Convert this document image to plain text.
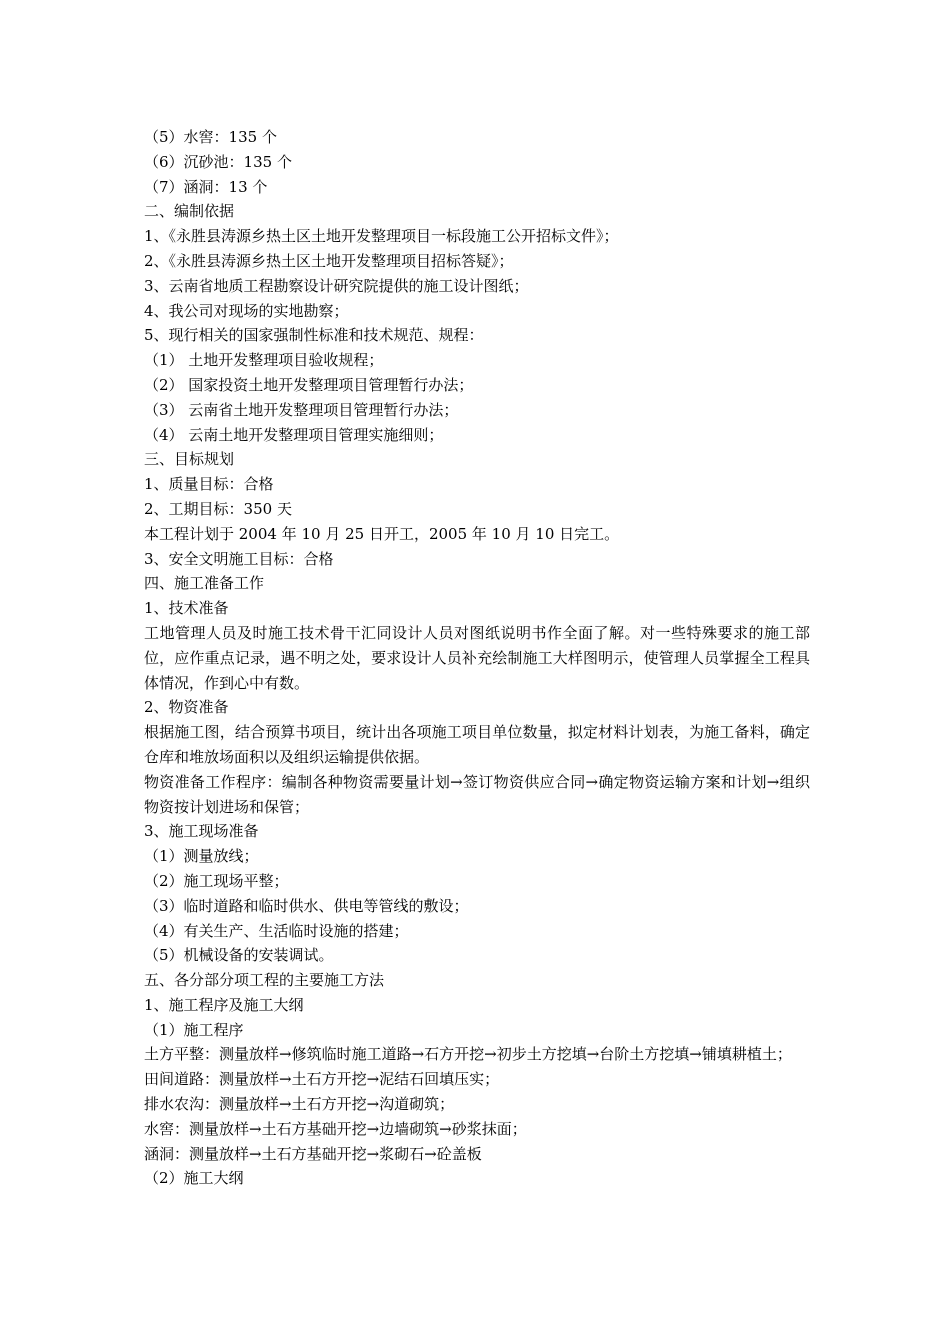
（5）水窖：135 个
（6）沉砂池：135 个
（7）涵洞：13 个
二、编制依据
1、《永胜县涛源乡热土区土地开发整理项目一标段施工公开招标文件》；
2、《永胜县涛源乡热土区土地开发整理项目招标答疑》；
3、云南省地质工程勘察设计研究院提供的施工设计图纸；
4、我公司对现场的实地勘察；
5、现行相关的国家强制性标准和技术规范、规程：
（1） 土地开发整理项目验收规程；
（2） 国家投资土地开发整理项目管理暂行办法；
（3） 云南省土地开发整理项目管理暂行办法；
（4） 云南土地开发整理项目管理实施细则；
三、目标规划
1、质量目标：合格
2、工期目标：350 天
本工程计划于 2004 年 10 月 25 日开工，2005 年 10 月 10 日完工。
3、安全文明施工目标：合格
四、施工准备工作
1、技术准备
工地管理人员及时施工技术骨干汇同设计人员对图纸说明书作全面了解。对一些特殊要求的施工部位，应作重点记录，遇不明之处，要求设计人员补充绘制施工大样图明示，使管理人员掌握全工程具体情况，作到心中有数。
2、物资准备
根据施工图，结合预算书项目，统计出各项施工项目单位数量，拟定材料计划表，为施工备料，确定仓库和堆放场面积以及组织运输提供依据。
物资准备工作程序：编制各种物资需要量计划→签订物资供应合同→确定物资运输方案和计划→组织物资按计划进场和保管；
3、施工现场准备
（1）测量放线；
（2）施工现场平整；
（3）临时道路和临时供水、供电等管线的敷设；
（4）有关生产、生活临时设施的搭建；
（5）机械设备的安装调试。
五、各分部分项工程的主要施工方法
1、施工程序及施工大纲
（1）施工程序
土方平整：测量放样→修筑临时施工道路→石方开挖→初步土方挖填→台阶土方挖填→铺填耕植土；
田间道路：测量放样→土石方开挖→泥结石回填压实；
排水农沟：测量放样→土石方开挖→沟道砌筑；
水窖：测量放样→土石方基础开挖→边墙砌筑→砂浆抹面；
涵洞：测量放样→土石方基础开挖→浆砌石→砼盖板
（2）施工大纲
